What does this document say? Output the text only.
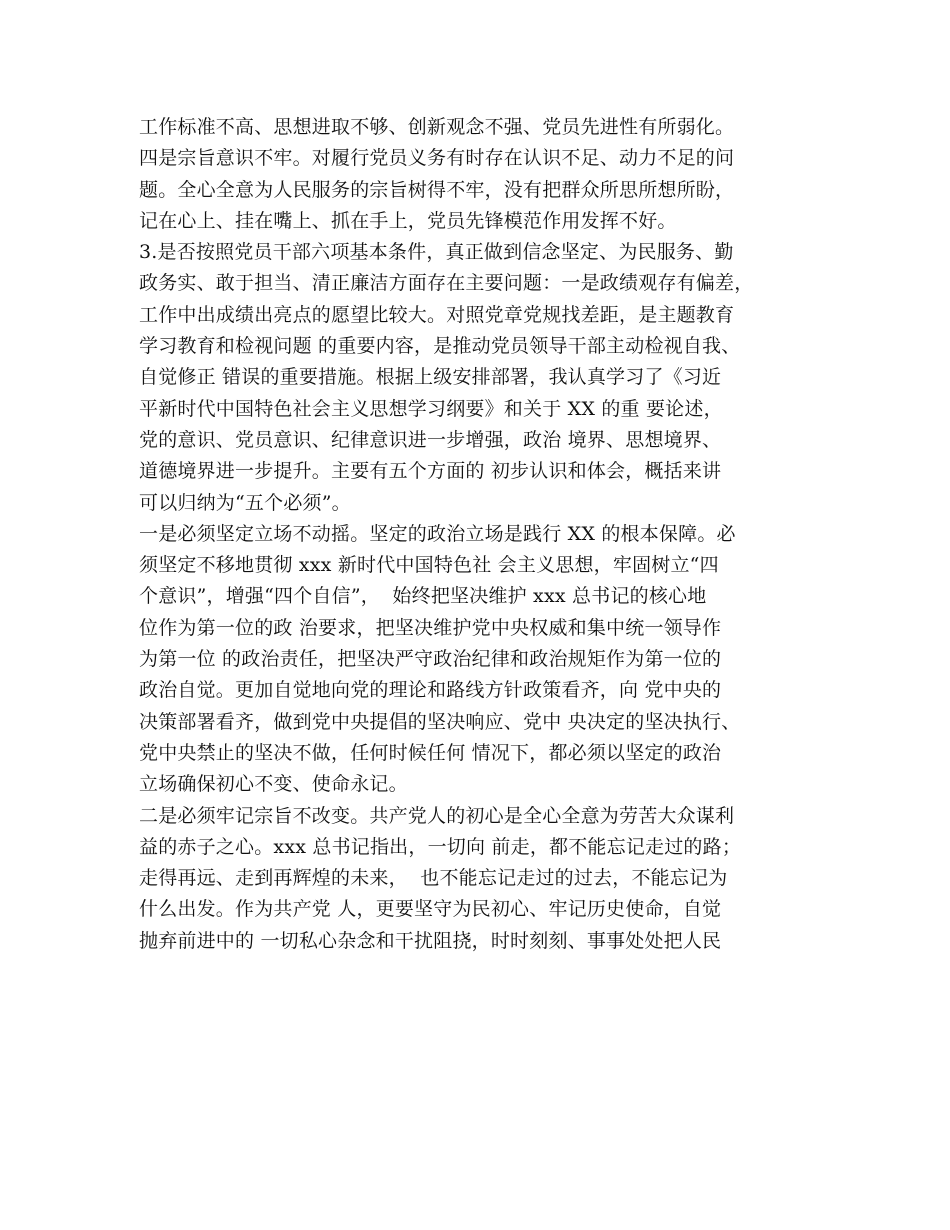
工作标准不高、思想进取不够、创新观念不强、党员先进性有所弱化。
四是宗旨意识不牢。对履行党员义务有时存在认识不足、动力不足的问
题。全心全意为人民服务的宗旨树得不牢，没有把群众所思所想所盼，
记在心上、挂在嘴上、抓在手上，党员先锋模范作用发挥不好。
3.是否按照党员干部六项基本条件，真正做到信念坚定、为民服务、勤
政务实、敢于担当、清正廉洁方面存在主要问题：一是政绩观存有偏差，
工作中出成绩出亮点的愿望比较大。对照党章党规找差距，是主题教育
学习教育和检视问题 的重要内容，是推动党员领导干部主动检视自我、
自觉修正 错误的重要措施。根据上级安排部署，我认真学习了《习近
平新时代中国特色社会主义思想学习纲要》和关于 XX 的重 要论述，
党的意识、党员意识、纪律意识进一步增强，政治 境界、思想境界、
道德境界进一步提升。主要有五个方面的 初步认识和体会，概括来讲
可以归纳为“五个必须”。
一是必须坚定立场不动摇。坚定的政治立场是践行 XX 的根本保障。必
须坚定不移地贯彻 xxx 新时代中国特色社 会主义思想，牢固树立“四
个意识”，增强“四个自信”，  始终把坚决维护 xxx 总书记的核心地
位作为第一位的政 治要求，把坚决维护党中央权威和集中统一领导作
为第一位 的政治责任，把坚决严守政治纪律和政治规矩作为第一位的
政治自觉。更加自觉地向党的理论和路线方针政策看齐，向 党中央的
决策部署看齐，做到党中央提倡的坚决响应、党中 央决定的坚决执行、
党中央禁止的坚决不做，任何时候任何 情况下，都必须以坚定的政治
立场确保初心不变、使命永记。
二是必须牢记宗旨不改变。共产党人的初心是全心全意为劳苦大众谋利
益的赤子之心。xxx 总书记指出，一切向 前走，都不能忘记走过的路；
走得再远、走到再辉煌的未来，  也不能忘记走过的过去，不能忘记为
什么出发。作为共产党 人，更要坚守为民初心、牢记历史使命，自觉
抛弃前进中的 一切私心杂念和干扰阻挠，时时刻刻、事事处处把人民
